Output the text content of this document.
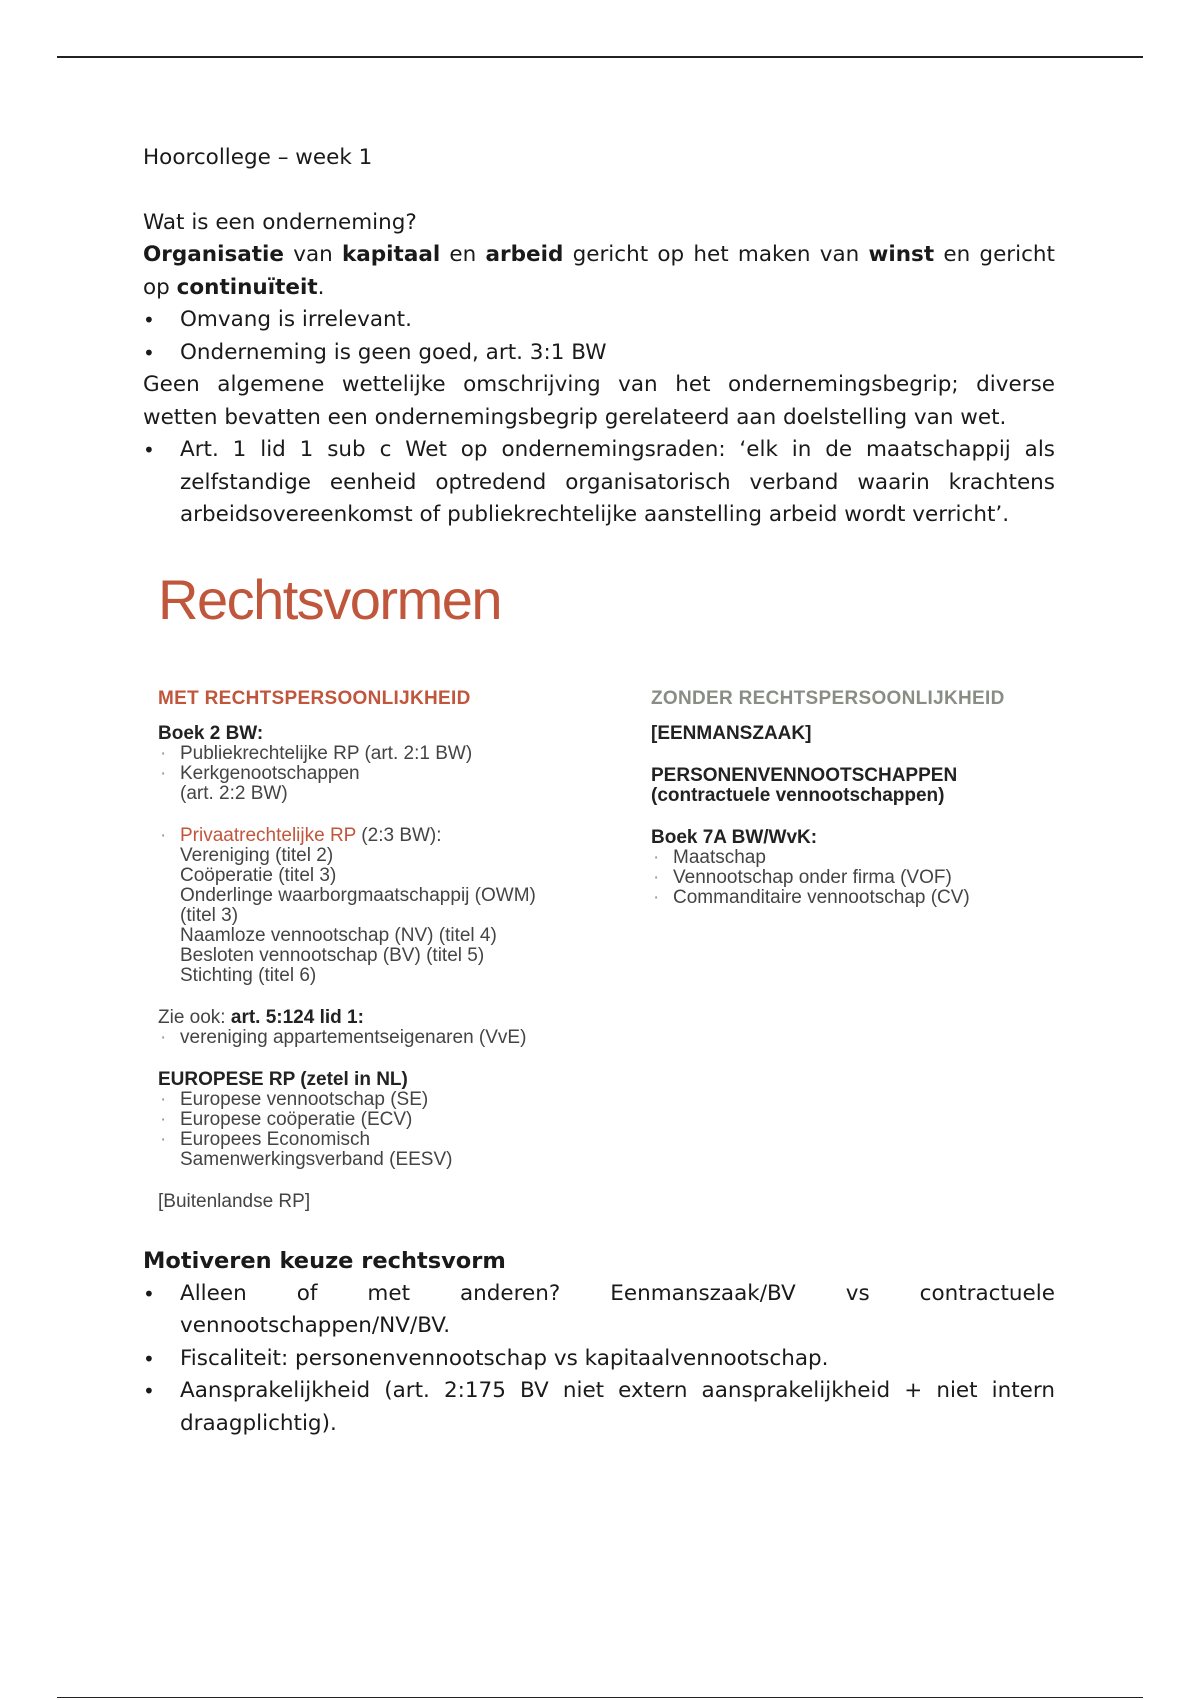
Hoorcollege – week 1

Wat is een onderneming?

Organisatie van kapitaal en arbeid gericht op het maken van winst en gericht op continuïteit.

• Omvang is irrelevant.
• Onderneming is geen goed, art. 3:1 BW

Geen algemene wettelijke omschrijving van het ondernemingsbegrip; diverse wetten bevatten een ondernemingsbegrip gerelateerd aan doelstelling van wet.

• Art. 1 lid 1 sub c Wet op ondernemingsraden: ‘elk in de maatschappij als zelfstandige eenheid optredend organisatorisch verband waarin krachtens arbeidsovereenkomst of publiekrechtelijke aanstelling arbeid wordt verricht’.
Rechtsvormen
MET RECHTSPERSOONLIJKHEID	ZONDER RECHTSPERSOONLIJKHEID

Boek 2 BW:

· Publiekrechtelijke RP (art. 2:1 BW)
· Kerkgenootschappen
(art. 2:2 BW)
· Privaatrechtelijke RP (2:3 BW):
Vereniging (titel 2)
Coöperatie (titel 3)
Onderlinge waarborgmaatschappij (OWM)
(titel 3)
Naamloze vennootschap (NV) (titel 4)
Besloten vennootschap (BV) (titel 5)
Stichting (titel 6)

Zie ook: art. 5:124 lid 1:

· vereniging appartementseigenaren (VvE)

EUROPESE RP (zetel in NL)

· Europese vennootschap (SE)
· Europese coöperatie (ECV)
· Europees Economisch
Samenwerkingsverband (EESV)

[Buitenlandse RP]

[EENMANSZAAK]

PERSONENVENNOOTSCHAPPEN

(contractuele vennootschappen)

Boek 7A BW/WvK:

· Maatschap
· Vennootschap onder firma (VOF)
· Commanditaire vennootschap (CV)
Motiveren keuze rechtsvorm
• Alleen of met anderen? Eenmanszaak/BV vs contractuele vennootschappen/NV/BV.
• Fiscaliteit: personenvennootschap vs kapitaalvennootschap.
• Aansprakelijkheid (art. 2:175 BV niet extern aansprakelijkheid + niet intern draagplichtig).
